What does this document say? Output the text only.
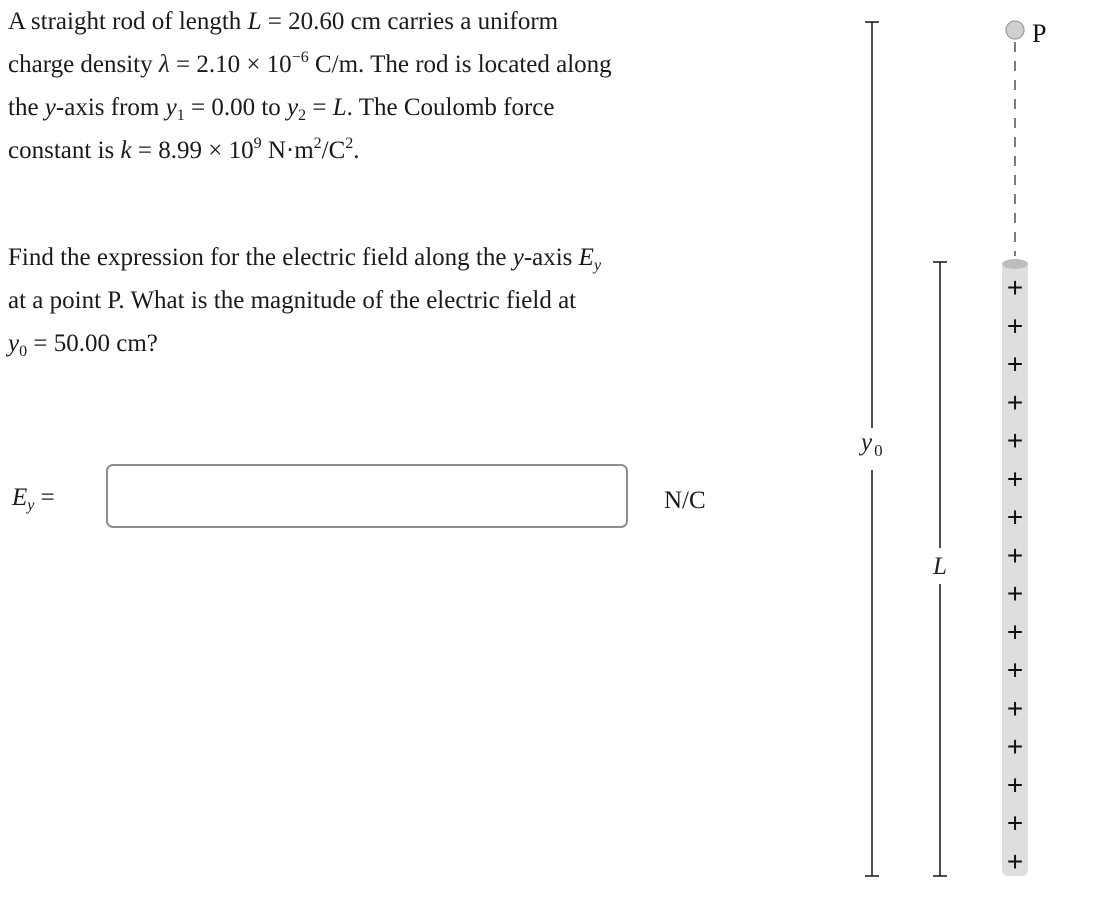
A straight rod of length L = 20.60 cm carries a uniform
charge density $\lambda = 2.10 \times 10^{-6}$ C/m. The rod is located along
the y-axis from $y_1 = 0.00$ to $y_2 = L$. The Coulomb force
constant is $k = 8.99 \times 10^9$ $N\cdot m^2/C^2$.

Find the expression for the electric field along the y-axis $E_y$
at a point P. What is the magnitude of the electric field at
$y_0 = 50.00$ cm?

$E_y$ =	N/C
y $_0$
L
P
+
+
+
+
+
+
+
+
+
+
+
+
+
+
+
+
